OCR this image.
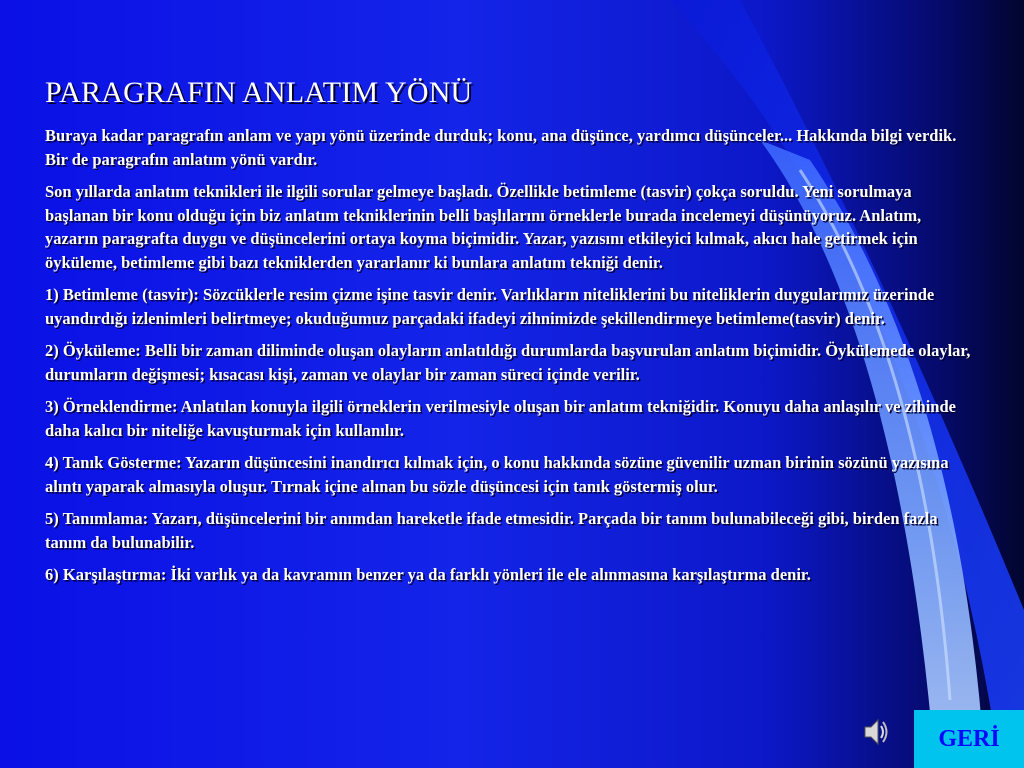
PARAGRAFIN ANLATIM YÖNÜ

Buraya kadar paragrafın anlam ve yapı yönü üzerinde durduk; konu, ana düşünce, yardımcı düşünceler... Hakkında bilgi verdik. Bir de paragrafın anlatım yönü vardır.

Son yıllarda anlatım teknikleri ile ilgili sorular gelmeye başladı. Özellikle betimleme (tasvir) çokça soruldu. Yeni sorulmaya başlanan bir konu olduğu için biz anlatım tekniklerinin belli başlılarını örneklerle burada incelemeyi düşünüyoruz. Anlatım, yazarın paragrafta duygu ve düşüncelerini ortaya koyma biçimidir. Yazar, yazısını etkileyici kılmak, akıcı hale getirmek için öyküleme, betimleme gibi bazı tekniklerden yararlanır ki bunlara anlatım tekniği denir.

1) Betimleme (tasvir): Sözcüklerle resim çizme işine tasvir denir. Varlıkların niteliklerini bu niteliklerin duygularımız üzerinde uyandırdığı izlenimleri belirtmeye; okuduğumuz parçadaki ifadeyi zihnimizde şekillendirmeye betimleme(tasvir) denir.

2) Öyküleme: Belli bir zaman diliminde oluşan olayların anlatıldığı durumlarda başvurulan anlatım biçimidir. Öykülemede olaylar, durumların değişmesi; kısacası kişi, zaman ve olaylar bir zaman süreci içinde verilir.

3) Örneklendirme: Anlatılan konuyla ilgili örneklerin verilmesiyle oluşan bir anlatım tekniğidir. Konuyu daha anlaşılır ve zihinde daha kalıcı bir niteliğe kavuşturmak için kullanılır.

4) Tanık Gösterme: Yazarın düşüncesini inandırıcı kılmak için, o konu hakkında sözüne güvenilir uzman birinin sözünü yazısına alıntı yaparak almasıyla oluşur. Tırnak içine alınan bu sözle düşüncesi için tanık göstermiş olur.

5) Tanımlama: Yazarı, düşüncelerini bir anımdan hareketle ifade etmesidir. Parçada bir tanım bulunabileceği gibi, birden fazla tanım da bulunabilir.

6) Karşılaştırma: İki varlık ya da kavramın benzer ya da farklı yönleri ile ele alınmasına karşılaştırma denir.

GERİ
